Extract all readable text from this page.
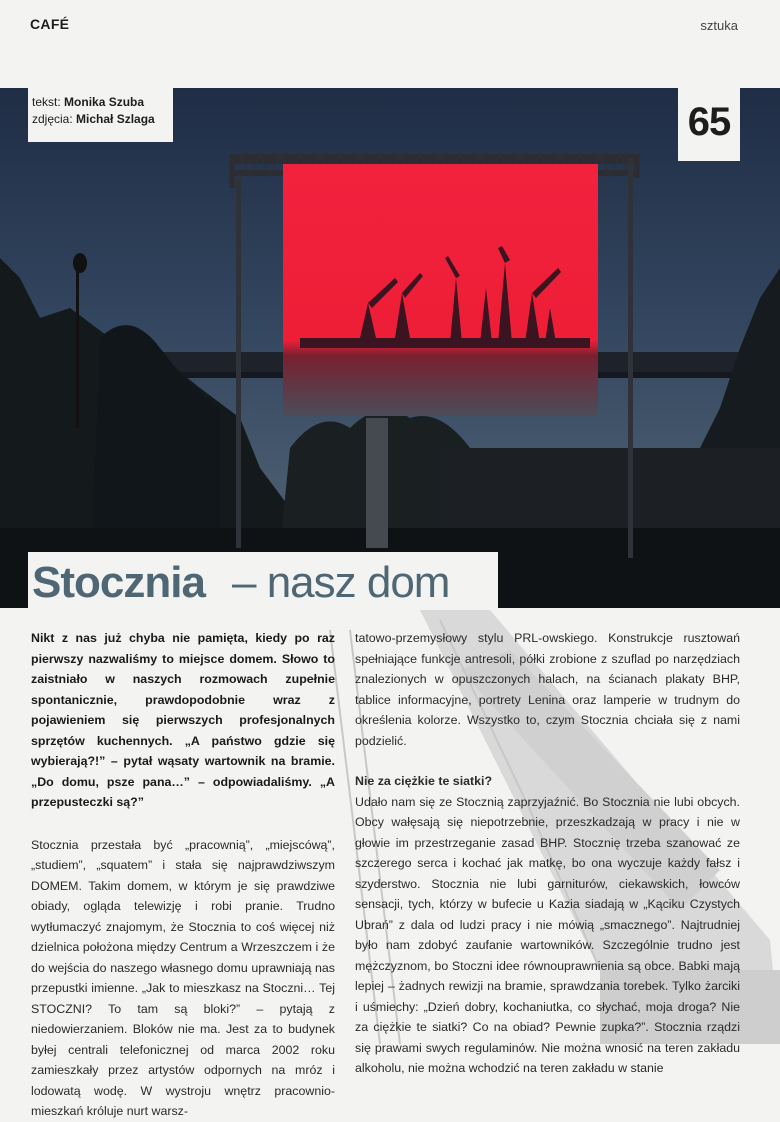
CAFÉ	sztuka
tekst: Monika Szuba
zdjęcia: Michał Szlaga	65
Stocznia – nasz dom

Nikt z nas już chyba nie pamięta, kiedy po raz pierwszy nazwaliśmy to miejsce domem. Słowo to zaistniało w naszych rozmowach zupełnie spontanicznie, prawdopodobnie wraz z pojawieniem się pierwszych profesjonalnych sprzętów kuchennych. „A państwo gdzie się wybierają?!” – pytał wąsaty wartownik na bramie. „Do domu, psze pana…” – odpowiadaliśmy. „A przepusteczki są?”

Stocznia przestała być „pracownią”, „miejscówą”, „studiem”, „squatem” i stała się najprawdziwszym DOMEM. Takim domem, w którym je się prawdziwe obiady, ogląda telewizję i robi pranie. Trudno wytłumaczyć znajomym, że Stocznia to coś więcej niż dzielnica położona między Centrum a Wrzeszczem i że do wejścia do naszego własnego domu uprawniają nas przepustki imienne. „Jak to mieszkasz na Stoczni… Tej STOCZNI? To tam są bloki?” – pytają z niedowierzaniem. Bloków nie ma. Jest za to budynek byłej centrali telefonicznej od marca 2002 roku zamieszkały przez artystów odpornych na mróz i lodowatą wodę. W wystroju wnętrz pracownio-mieszkań króluje nurt warsz-

tatowo-przemysłowy stylu PRL-owskiego. Konstrukcje rusztowań spełniające funkcje antresoli, półki zrobione z szuflad po narzędziach znalezionych w opuszczonych halach, na ścianach plakaty BHP, tablice informacyjne, portrety Lenina oraz lamperie w trudnym do określenia kolorze. Wszystko to, czym Stocznia chciała się z nami podzielić.

Nie za ciężkie te siatki?

Udało nam się ze Stocznią zaprzyjaźnić. Bo Stocznia nie lubi obcych. Obcy wałęsają się niepotrzebnie, przeszkadzają w pracy i nie w głowie im przestrzeganie zasad BHP. Stocznię trzeba szanować ze szczerego serca i kochać jak matkę, bo ona wyczuje każdy fałsz i szyderstwo. Stocznia nie lubi garniturów, ciekawskich, łowców sensacji, tych, którzy w bufecie u Kazia siadają w „Kąciku Czystych Ubrań” z dala od ludzi pracy i nie mówią „smacznego”. Najtrudniej było nam zdobyć zaufanie wartowników. Szczególnie trudno jest mężczyznom, bo Stoczni idee równouprawnienia są obce. Babki mają lepiej – żadnych rewizji na bramie, sprawdzania torebek. Tylko żarciki i uśmiechy: „Dzień dobry, kochaniutka, co słychać, moja droga? Nie za ciężkie te siatki? Co na obiad? Pewnie zupka?”. Stocznia rządzi się prawami swych regulaminów. Nie można wnosić na teren zakładu alkoholu, nie można wchodzić na teren zakładu w stanie
